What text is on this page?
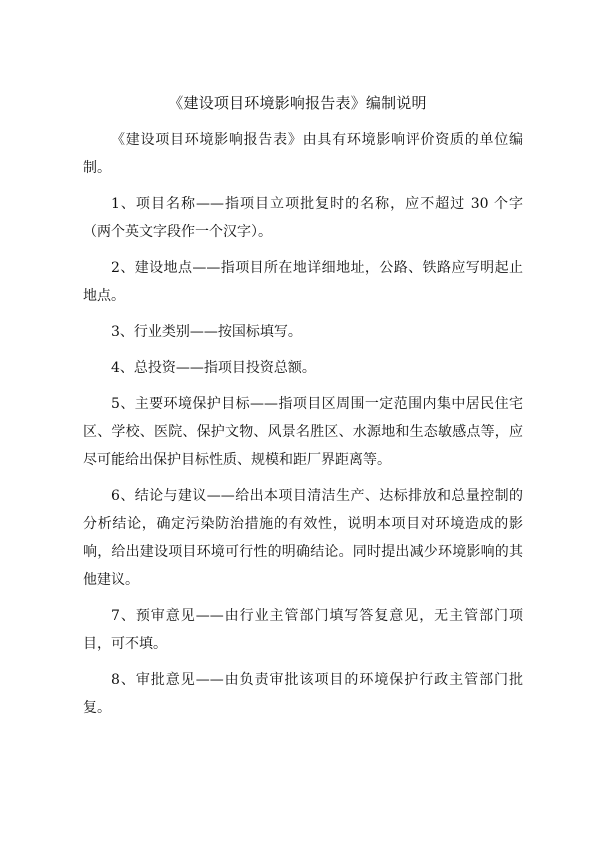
《建设项目环境影响报告表》编制说明

《建设项目环境影响报告表》由具有环境影响评价资质的单位编制。

1、项目名称——指项目立项批复时的名称，应不超过 30 个字（两个英文字段作一个汉字）。

2、建设地点——指项目所在地详细地址，公路、铁路应写明起止地点。

3、行业类别——按国标填写。

4、总投资——指项目投资总额。

5、主要环境保护目标——指项目区周围一定范围内集中居民住宅区、学校、医院、保护文物、风景名胜区、水源地和生态敏感点等，应尽可能给出保护目标性质、规模和距厂界距离等。

6、结论与建议——给出本项目清洁生产、达标排放和总量控制的分析结论，确定污染防治措施的有效性，说明本项目对环境造成的影响，给出建设项目环境可行性的明确结论。同时提出减少环境影响的其他建议。

7、预审意见——由行业主管部门填写答复意见，无主管部门项目，可不填。

8、审批意见——由负责审批该项目的环境保护行政主管部门批复。
